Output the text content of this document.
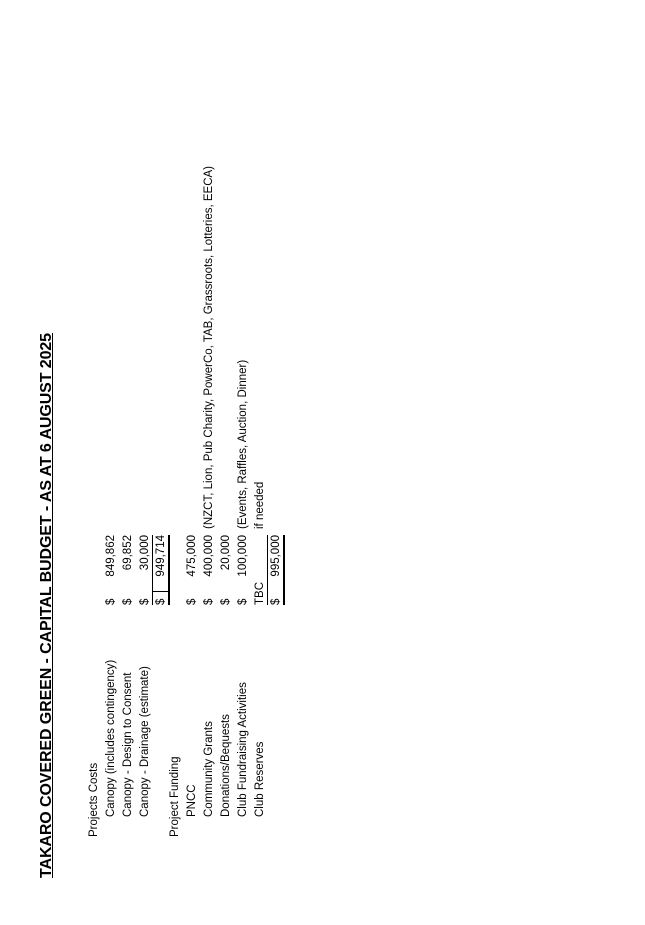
TAKARO COVERED GREEN - CAPITAL BUDGET - AS AT 6 AUGUST 2025	Projects Costs Canopy (includes contingency)
$
849,862
Canopy - Design to Consent
$
69,852
Canopy - Drainage (estimate)
$
30,000
$
949,714
Project Funding PNCC
$
475,000
Community Grants
$
400,000
(NZCT, Lion, Pub Charity, PowerCo, TAB, Grassroots, Lotteries, EECA)
Donations/Bequests
$
20,000
Club Fundraising Activities
$
100,000
(Events, Raffles, Auction, Dinner)
Club Reserves
TBC
if needed
$
995,000
